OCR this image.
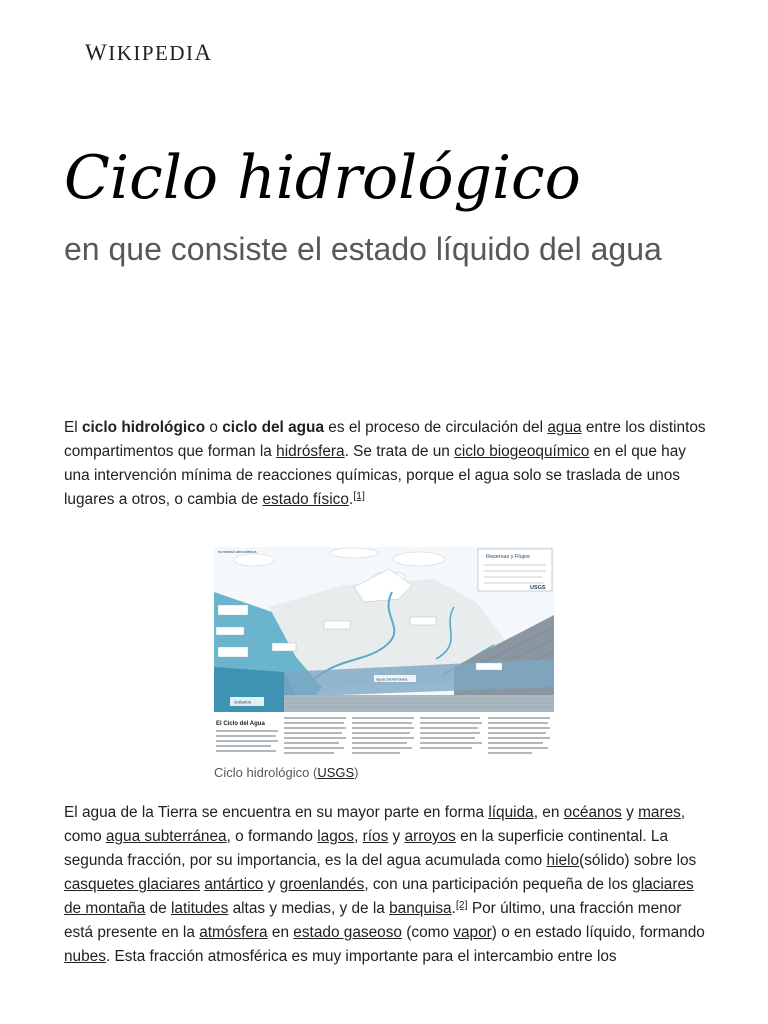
WIKIPEDIA
Ciclo hidrológico
en que consiste el estado líquido del agua

El ciclo hidrológico o ciclo del agua es el proceso de circulación del agua entre los distintos compartimentos que forman la hidrósfera. Se trata de un ciclo biogeoquímico en el que hay una intervención mínima de reacciones químicas, porque el agua solo se traslada de unos lugares a otros, o cambia de estado físico.[1]

Reservas y Flujos
USGS
humedad atmosférica
océanos
agua subterránea
El Ciclo del Agua
Ciclo hidrológico (USGS)

El agua de la Tierra se encuentra en su mayor parte en forma líquida, en océanos y mares, como agua subterránea, o formando lagos, ríos y arroyos en la superficie continental. La segunda fracción, por su importancia, es la del agua acumulada como hielo(sólido) sobre los casquetes glaciares antártico y groenlandés, con una participación pequeña de los glaciares de montaña de latitudes altas y medias, y de la banquisa.[2] Por último, una fracción menor está presente en la atmósfera en estado gaseoso (como vapor) o en estado líquido, formando nubes. Esta fracción atmosférica es muy importante para el intercambio entre los
